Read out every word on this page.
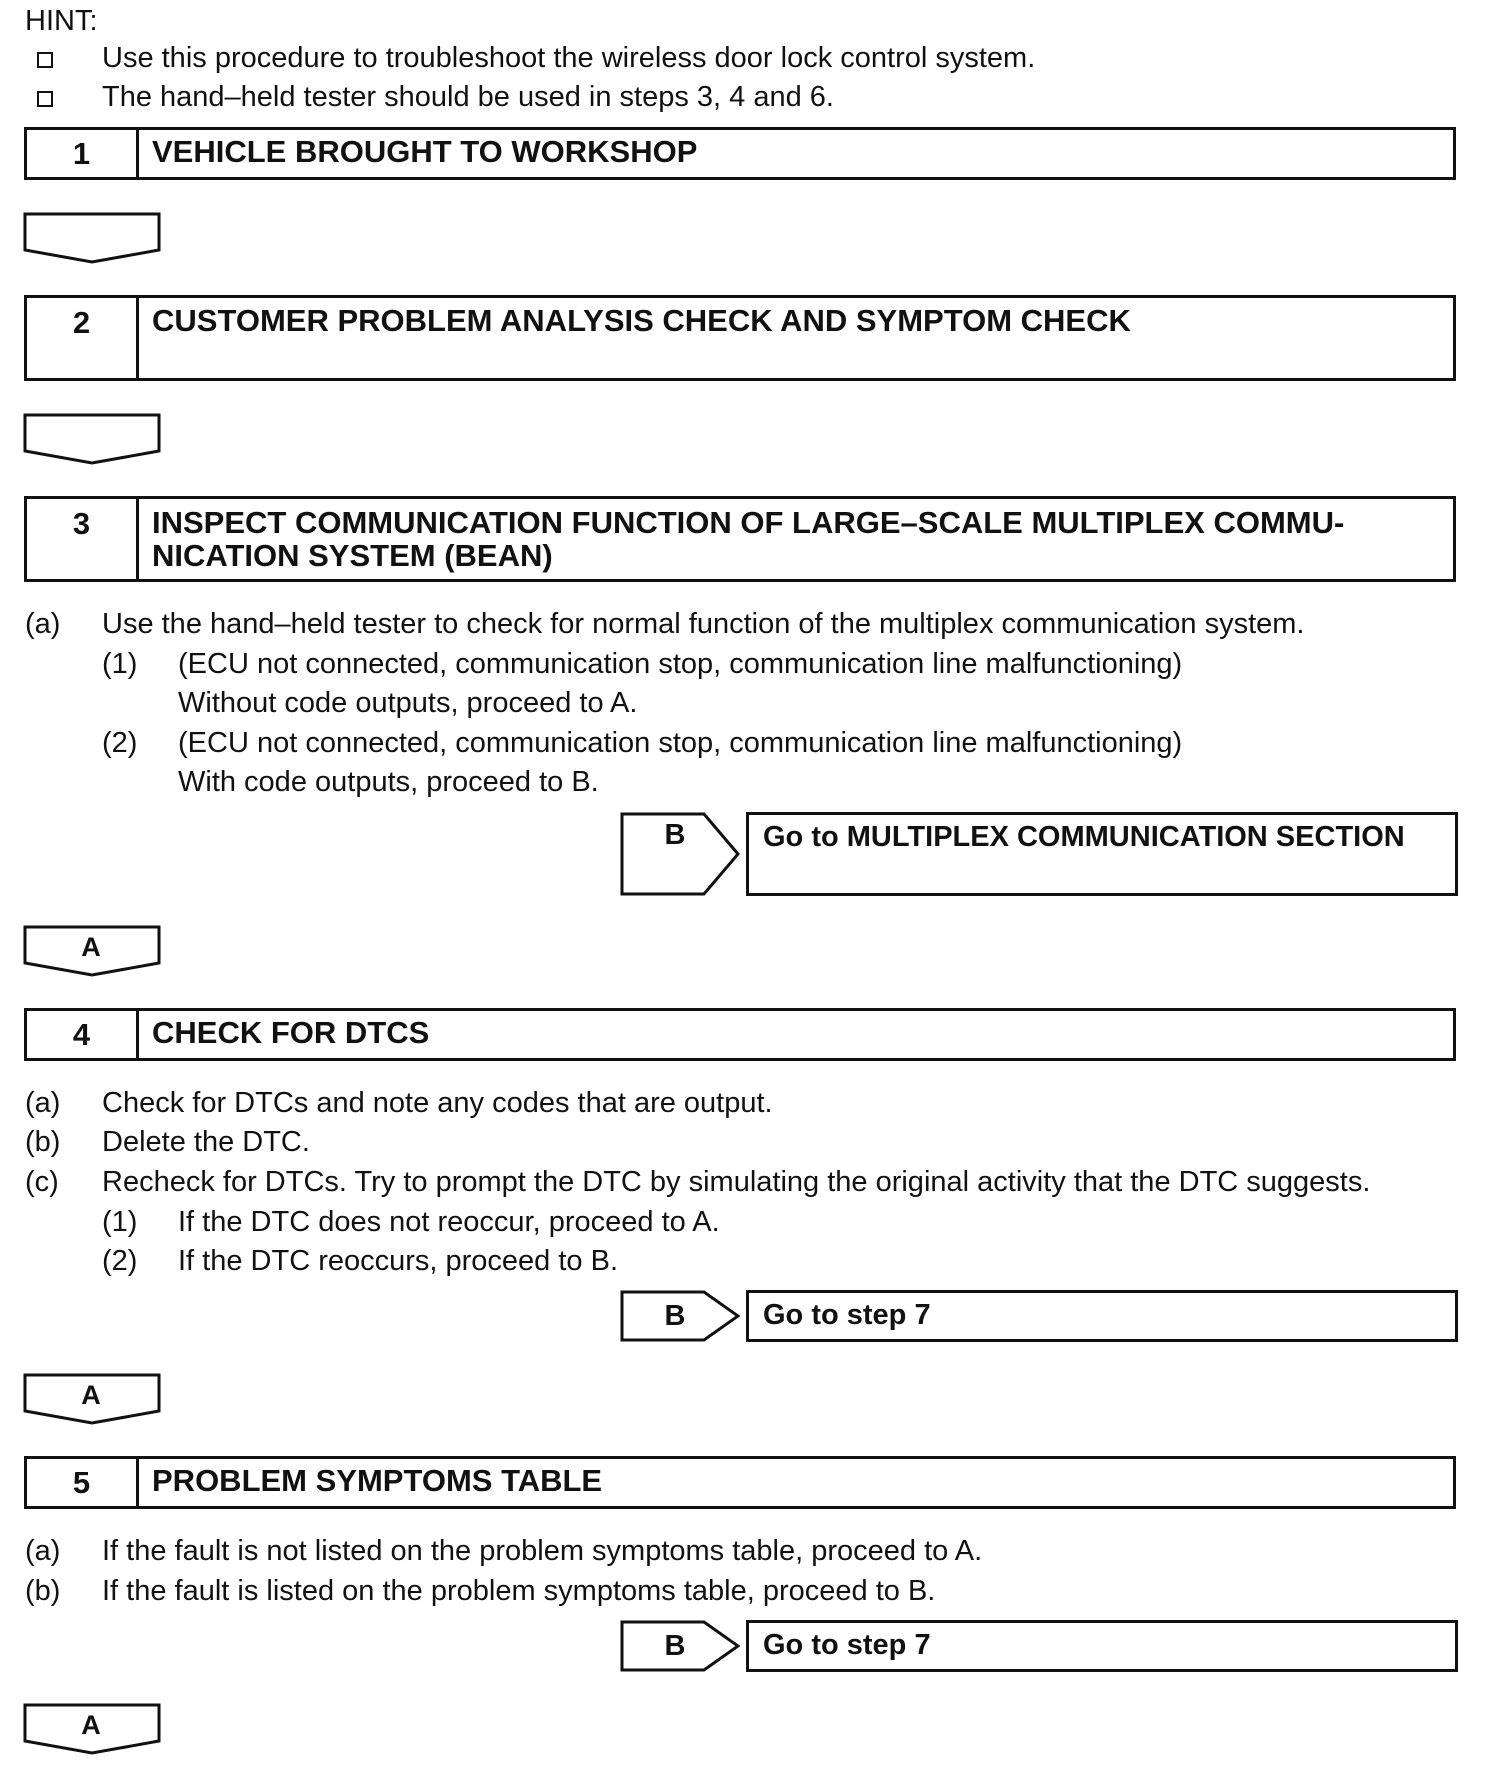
HINT:
Use this procedure to troubleshoot the wireless door lock control system.
The hand–held tester should be used in steps 3, 4 and 6.
1	VEHICLE BROUGHT TO WORKSHOP
2	CUSTOMER PROBLEM ANALYSIS CHECK AND SYMPTOM CHECK
3	INSPECT COMMUNICATION FUNCTION OF LARGE–SCALE MULTIPLEX COMMU-
NICATION SYSTEM (BEAN)
(a) Use the hand–held tester to check for normal function of the multiplex communication system.
(1) (ECU not connected, communication stop, communication line malfunctioning)
Without code outputs, proceed to A.
(2) (ECU not connected, communication stop, communication line malfunctioning)
With code outputs, proceed to B.
B	Go to MULTIPLEX COMMUNICATION SECTION
A
4	CHECK FOR DTCS
(a) Check for DTCs and note any codes that are output.
(b) Delete the DTC.
(c) Recheck for DTCs. Try to prompt the DTC by simulating the original activity that the DTC suggests.
(1) If the DTC does not reoccur, proceed to A.
(2) If the DTC reoccurs, proceed to B.
B	Go to step 7
A
5	PROBLEM SYMPTOMS TABLE
(a) If the fault is not listed on the problem symptoms table, proceed to A.
(b) If the fault is listed on the problem symptoms table, proceed to B.
B	Go to step 7
A
